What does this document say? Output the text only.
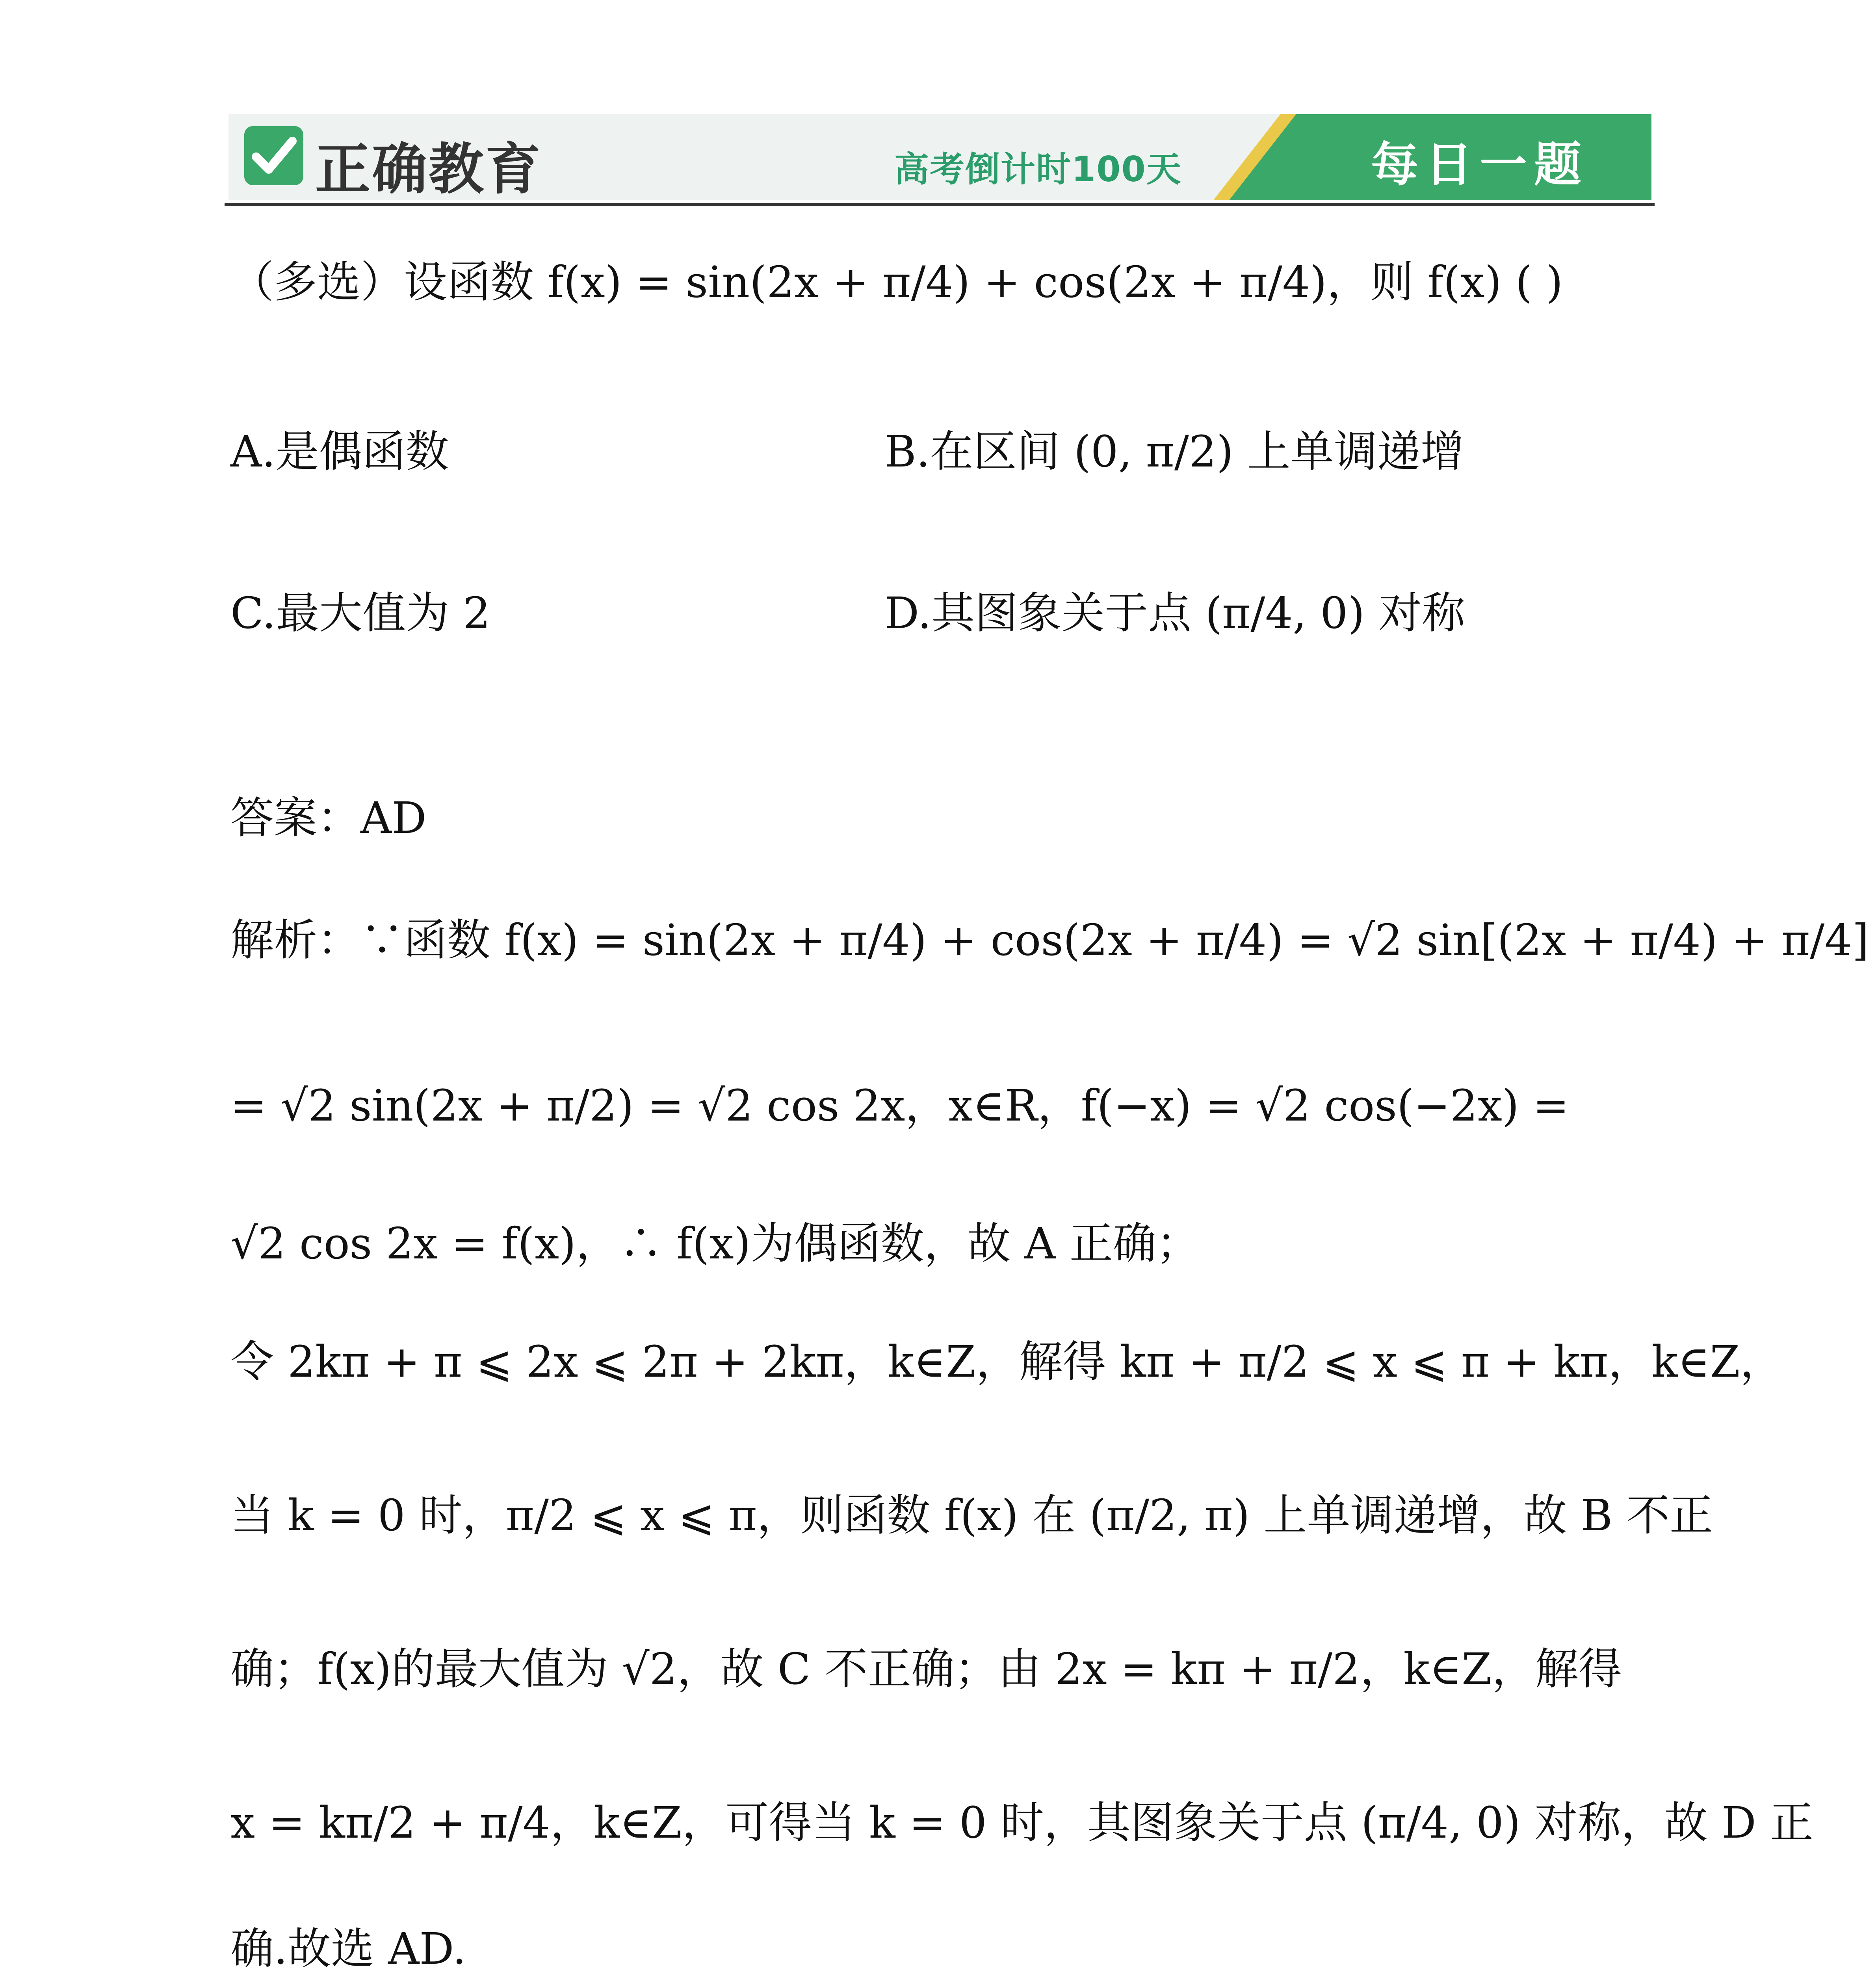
正确教育	高考倒计时100天	每日一题
（多选）设函数 f(x) = sin(2x + π/4) + cos(2x + π/4)，则 f(x) ( )
A.是偶函数	B.在区间 (0, π/2) 上单调递增
C.最大值为 2	D.其图象关于点 (π/4, 0) 对称
答案：AD
解析：∵函数 f(x) = sin(2x + π/4) + cos(2x + π/4) = √2 sin[(2x + π/4) + π/4]
= √2 sin(2x + π/2) = √2 cos 2x，x∈R，f(−x) = √2 cos(−2x) =
√2 cos 2x = f(x)，∴ f(x)为偶函数，故 A 正确；
令 2kπ + π ⩽ 2x ⩽ 2π + 2kπ，k∈Z，解得 kπ + π/2 ⩽ x ⩽ π + kπ，k∈Z，
当 k = 0 时，π/2 ⩽ x ⩽ π，则函数 f(x) 在 (π/2, π) 上单调递增，故 B 不正
确；f(x)的最大值为 √2，故 C 不正确；由 2x = kπ + π/2，k∈Z，解得
x = kπ/2 + π/4，k∈Z，可得当 k = 0 时，其图象关于点 (π/4, 0) 对称，故 D 正
确.故选 AD.
